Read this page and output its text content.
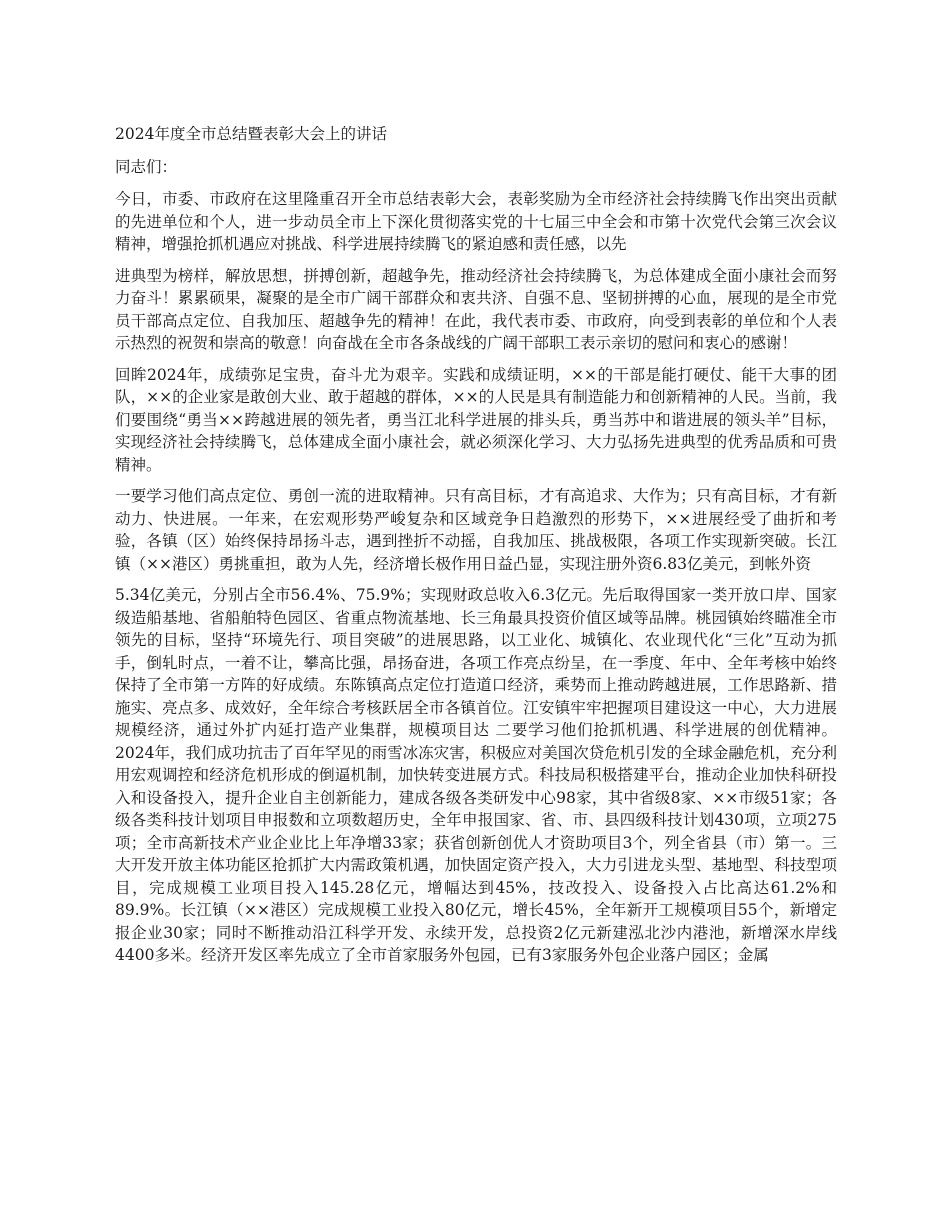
2024年度全市总结暨表彰大会上的讲话

同志们：

今日，市委、市政府在这里隆重召开全市总结表彰大会，表彰奖励为全市经济社会持续腾飞作出突出贡献的先进单位和个人，进一步动员全市上下深化贯彻落实党的十七届三中全会和市第十次党代会第三次会议精神，增强抢抓机遇应对挑战、科学进展持续腾飞的紧迫感和责任感，以先

进典型为榜样，解放思想，拼搏创新，超越争先，推动经济社会持续腾飞，为总体建成全面小康社会而努力奋斗！累累硕果，凝聚的是全市广阔干部群众和衷共济、自强不息、坚韧拼搏的心血，展现的是全市党员干部高点定位、自我加压、超越争先的精神！在此，我代表市委、市政府，向受到表彰的单位和个人表示热烈的祝贺和崇高的敬意！向奋战在全市各条战线的广阔干部职工表示亲切的慰问和衷心的感谢！

回眸2024年，成绩弥足宝贵，奋斗尤为艰辛。实践和成绩证明，××的干部是能打硬仗、能干大事的团队，××的企业家是敢创大业、敢于超越的群体，××的人民是具有制造能力和创新精神的人民。当前，我们要围绕“勇当××跨越进展的领先者，勇当江北科学进展的排头兵，勇当苏中和谐进展的领头羊”目标，实现经济社会持续腾飞，总体建成全面小康社会，就必须深化学习、大力弘扬先进典型的优秀品质和可贵精神。

一要学习他们高点定位、勇创一流的进取精神。只有高目标，才有高追求、大作为；只有高目标，才有新动力、快进展。一年来，在宏观形势严峻复杂和区域竞争日趋激烈的形势下，××进展经受了曲折和考验，各镇（区）始终保持昂扬斗志，遇到挫折不动摇，自我加压、挑战极限，各项工作实现新突破。长江镇（××港区）勇挑重担，敢为人先，经济增长极作用日益凸显，实现注册外资6.83亿美元，到帐外资

5.34亿美元，分别占全市56.4%、75.9%；实现财政总收入6.3亿元。先后取得国家一类开放口岸、国家级造船基地、省船舶特色园区、省重点物流基地、长三角最具投资价值区域等品牌。桃园镇始终瞄准全市领先的目标，坚持“环境先行、项目突破”的进展思路，以工业化、城镇化、农业现代化“三化”互动为抓手，倒轧时点，一着不让，攀高比强，昂扬奋进，各项工作亮点纷呈，在一季度、年中、全年考核中始终保持了全市第一方阵的好成绩。东陈镇高点定位打造道口经济，乘势而上推动跨越进展，工作思路新、措施实、亮点多、成效好，全年综合考核跃居全市各镇首位。江安镇牢牢把握项目建设这一中心，大力进展规模经济，通过外扩内延打造产业集群，规模项目达 二要学习他们抢抓机遇、科学进展的创优精神。2024年，我们成功抗击了百年罕见的雨雪冰冻灾害，积极应对美国次贷危机引发的全球金融危机，充分利用宏观调控和经济危机形成的倒逼机制，加快转变进展方式。科技局积极搭建平台，推动企业加快科研投入和设备投入，提升企业自主创新能力，建成各级各类研发中心98家，其中省级8家、××市级51家；各级各类科技计划项目申报数和立项数超历史，全年申报国家、省、市、县四级科技计划430项，立项275项；全市高新技术产业企业比上年净增33家；获省创新创优人才资助项目3个，列全省县（市）第一。三大开发开放主体功能区抢抓扩大内需政策机遇，加快固定资产投入，大力引进龙头型、基地型、科技型项目，完成规模工业项目投入145.28亿元，增幅达到45%，技改投入、设备投入占比高达61.2%和89.9%。长江镇（××港区）完成规模工业投入80亿元，增长45%，全年新开工规模项目55个，新增定报企业30家；同时不断推动沿江科学开发、永续开发，总投资2亿元新建泓北沙内港池，新增深水岸线4400多米。经济开发区率先成立了全市首家服务外包园，已有3家服务外包企业落户园区；金属
